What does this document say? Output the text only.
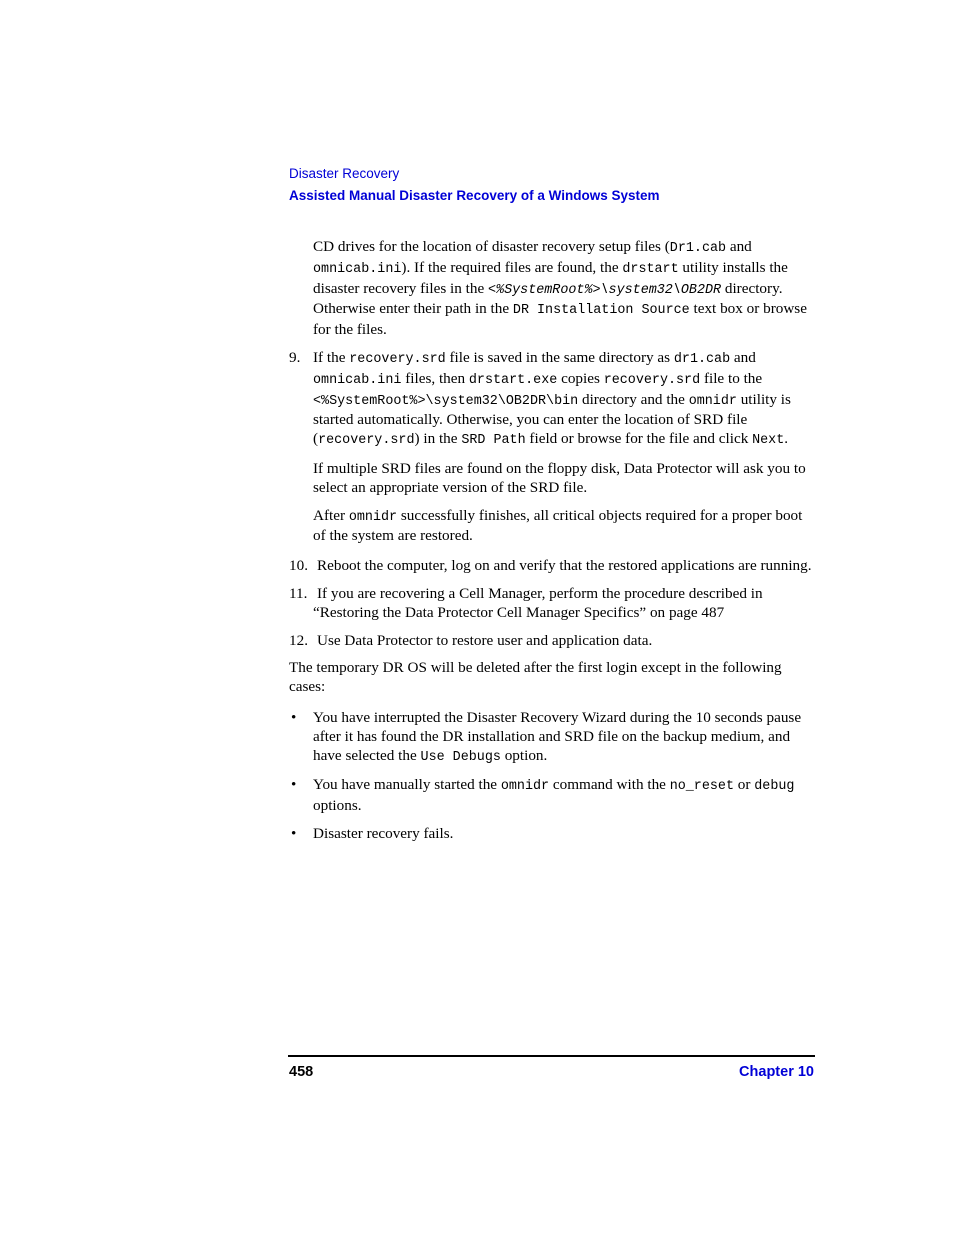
Disaster Recovery
Assisted Manual Disaster Recovery of a Windows System

CD drives for the location of disaster recovery setup files (Dr1.cab and omnicab.ini). If the required files are found, the drstart utility installs the disaster recovery files in the <%SystemRoot%>\system32\OB2DR directory. Otherwise enter their path in the DR Installation Source text box or browse for the files.

9. If the recovery.srd file is saved in the same directory as dr1.cab and omnicab.ini files, then drstart.exe copies recovery.srd file to the <%SystemRoot%>\system32\OB2DR\bin directory and the omnidr utility is started automatically. Otherwise, you can enter the location of SRD file (recovery.srd) in the SRD Path field or browse for the file and click Next.

If multiple SRD files are found on the floppy disk, Data Protector will ask you to select an appropriate version of the SRD file.

After omnidr successfully finishes, all critical objects required for a proper boot of the system are restored.

10. Reboot the computer, log on and verify that the restored applications are running.

11. If you are recovering a Cell Manager, perform the procedure described in “Restoring the Data Protector Cell Manager Specifics” on page 487

12. Use Data Protector to restore user and application data.

The temporary DR OS will be deleted after the first login except in the following cases:

• You have interrupted the Disaster Recovery Wizard during the 10 seconds pause after it has found the DR installation and SRD file on the backup medium, and have selected the Use Debugs option.

• You have manually started the omnidr command with the no_reset or debug options.

• Disaster recovery fails.

458	Chapter 10
